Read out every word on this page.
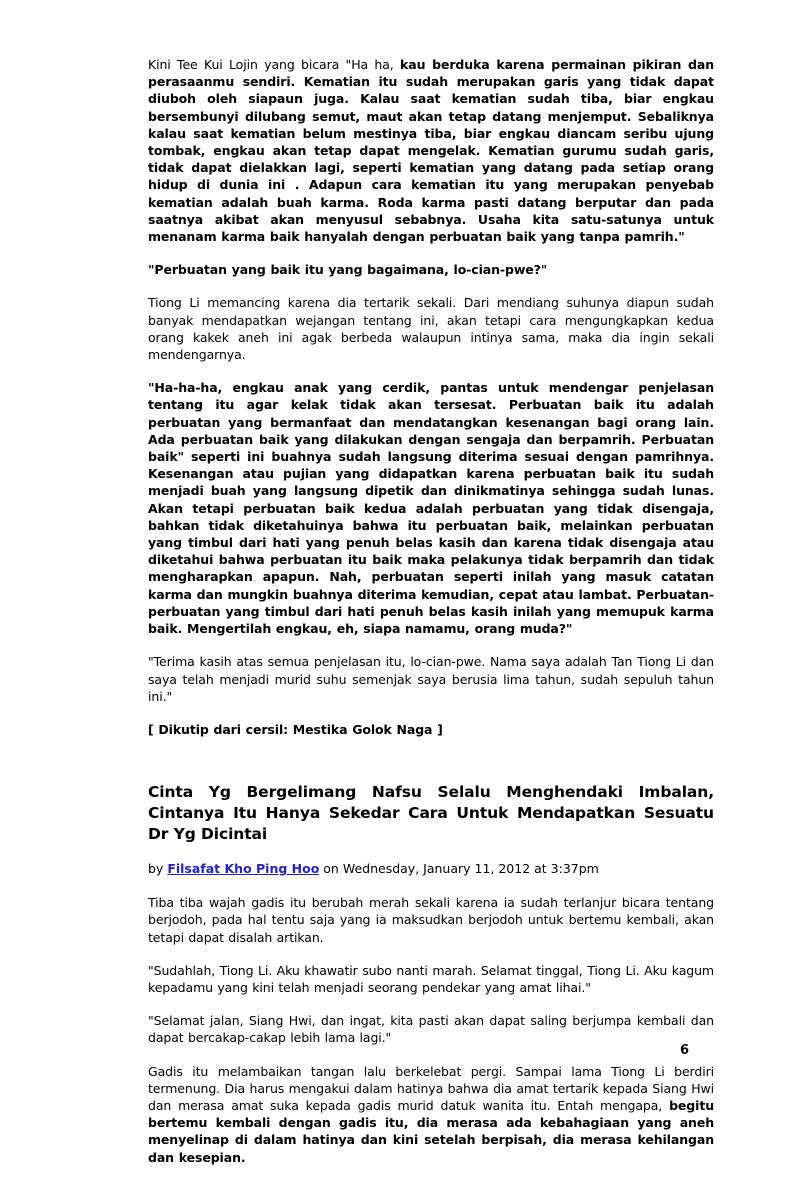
Kini Tee Kui Lojin yang bicara "Ha ha, kau berduka karena permainan pikiran dan perasaanmu sendiri. Kematian itu sudah merupakan garis yang tidak dapat diuboh oleh siapaun juga. Kalau saat kematian sudah tiba, biar engkau bersembunyi dilubang semut, maut akan tetap datang menjemput. Sebaliknya kalau saat kematian belum mestinya tiba, biar engkau diancam seribu ujung tombak, engkau akan tetap dapat mengelak. Kematian gurumu sudah garis, tidak dapat dielakkan lagi, seperti kematian yang datang pada setiap orang hidup di dunia ini . Adapun cara kematian itu yang merupakan penyebab kematian adalah buah karma. Roda karma pasti datang berputar dan pada saatnya akibat akan menyusul sebabnya. Usaha kita satu-satunya untuk menanam karma baik hanyalah dengan perbuatan baik yang tanpa pamrih."

"Perbuatan yang baik itu yang bagaimana, lo-cian-pwe?"

Tiong Li memancing karena dia tertarik sekali. Dari mendiang suhunya diapun sudah banyak mendapatkan wejangan tentang ini, akan tetapi cara mengungkapkan kedua orang kakek aneh ini agak berbeda walaupun intinya sama, maka dia ingin sekali mendengarnya.

"Ha-ha-ha, engkau anak yang cerdik, pantas untuk mendengar penjelasan tentang itu agar kelak tidak akan tersesat. Perbuatan baik itu adalah perbuatan yang bermanfaat dan mendatangkan kesenangan bagi orang lain. Ada perbuatan baik yang dilakukan dengan sengaja dan berpamrih. Perbuatan baik" seperti ini buahnya sudah langsung diterima sesuai dengan pamrihnya. Kesenangan atau pujian yang didapatkan karena perbuatan baik itu sudah menjadi buah yang langsung dipetik dan dinikmatinya sehingga sudah lunas. Akan tetapi perbuatan baik kedua adalah perbuatan yang tidak disengaja, bahkan tidak diketahuinya bahwa itu perbuatan baik, melainkan perbuatan yang timbul dari hati yang penuh belas kasih dan karena tidak disengaja atau diketahui bahwa perbuatan itu baik maka pelakunya tidak berpamrih dan tidak mengharapkan apapun. Nah, perbuatan seperti inilah yang masuk catatan karma dan mungkin buahnya diterima kemudian, cepat atau lambat. Perbuatan-perbuatan yang timbul dari hati penuh belas kasih inilah yang memupuk karma baik. Mengertilah engkau, eh, siapa namamu, orang muda?"

"Terima kasih atas semua penjelasan itu, lo-cian-pwe. Nama saya adalah Tan Tiong Li dan saya telah menjadi murid suhu semenjak saya berusia lima tahun, sudah sepuluh tahun ini."

[ Dikutip dari cersil: Mestika Golok Naga ]

Cinta Yg Bergelimang Nafsu Selalu Menghendaki Imbalan, Cintanya Itu Hanya Sekedar Cara Untuk Mendapatkan Sesuatu Dr Yg Dicintai

by Filsafat Kho Ping Hoo on Wednesday, January 11, 2012 at 3:37pm

Tiba tiba wajah gadis itu berubah merah sekali karena ia sudah terlanjur bicara tentang berjodoh, pada hal tentu saja yang ia maksudkan berjodoh untuk bertemu kembali, akan tetapi dapat disalah artikan.

"Sudahlah, Tiong Li. Aku khawatir subo nanti marah. Selamat tinggal, Tiong Li. Aku kagum kepadamu yang kini telah menjadi seorang pendekar yang amat lihai."

"Selamat jalan, Siang Hwi, dan ingat, kita pasti akan dapat saling berjumpa kembali dan dapat bercakap-cakap lebih lama lagi."

Gadis itu melambaikan tangan lalu berkelebat pergi. Sampai lama Tiong Li berdiri termenung. Dia harus mengakui dalam hatinya bahwa dia amat tertarik kepada Siang Hwi dan merasa amat suka kepada gadis murid datuk wanita itu. Entah mengapa, begitu bertemu kembali dengan gadis itu, dia merasa ada kebahagiaan yang aneh menyelinap di dalam hatinya dan kini setelah berpisah, dia merasa kehilangan dan kesepian.

6
